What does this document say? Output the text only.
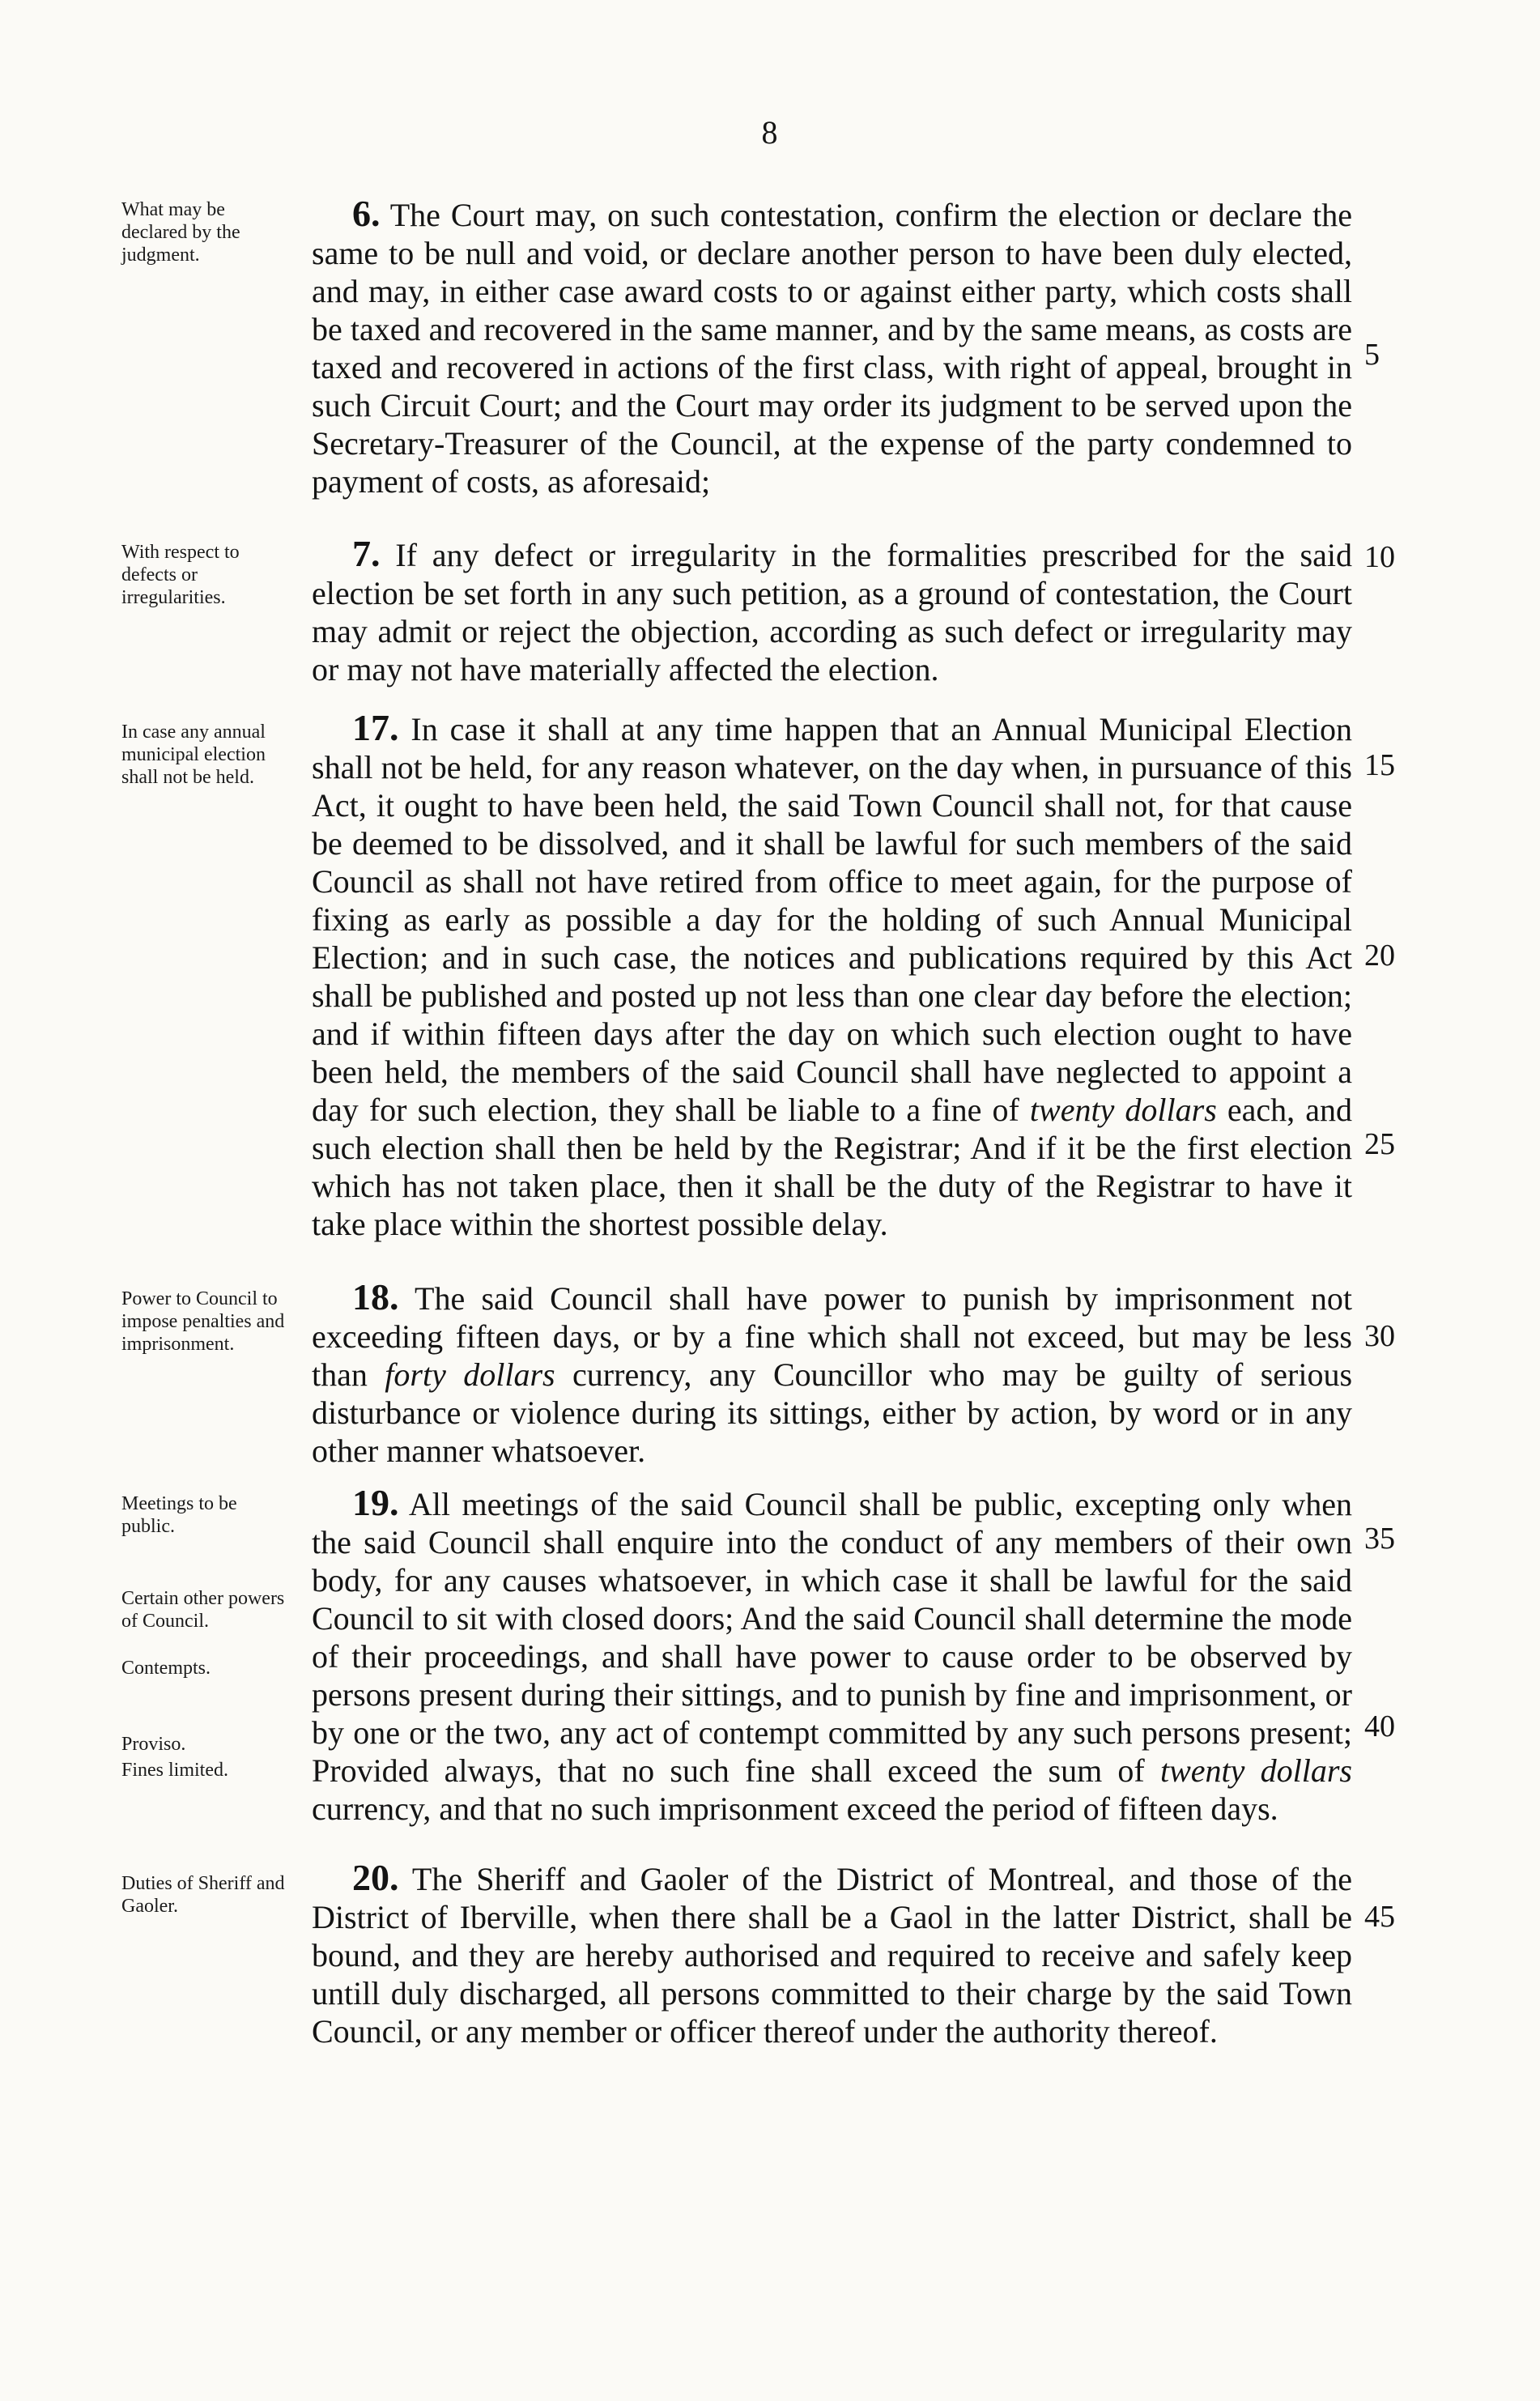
8
What may be declared by the judgment.
With respect to defects or irregularities.
In case any annual municipal election shall not be held.
Power to Council to impose penalties and imprisonment.
Meetings to be public.
Certain other powers of Council.
Contempts.
Proviso.
Fines limited.
Duties of Sheriff and Gaoler.

6. The Court may, on such contestation, confirm the election or declare the same to be null and void, or declare another person to have been duly elected, and may, in either case award costs to or against either party, which costs shall be taxed and recovered in the same manner, and by the same means, as costs are taxed and recovered in actions of the first class, with right of appeal, brought in such Circuit Court; and the Court may order its judgment to be served upon the Secretary-Treasurer of the Council, at the expense of the party condemned to payment of costs, as aforesaid;

7. If any defect or irregularity in the formalities prescribed for the said election be set forth in any such petition, as a ground of contestation, the Court may admit or reject the objection, according as such defect or irregularity may or may not have materially affected the election.

17. In case it shall at any time happen that an Annual Municipal Election shall not be held, for any reason whatever, on the day when, in pursuance of this Act, it ought to have been held, the said Town Council shall not, for that cause be deemed to be dissolved, and it shall be lawful for such members of the said Council as shall not have retired from office to meet again, for the purpose of fixing as early as possible a day for the holding of such Annual Municipal Election; and in such case, the notices and publications required by this Act shall be published and posted up not less than one clear day before the election; and if within fifteen days after the day on which such election ought to have been held, the members of the said Council shall have neglected to appoint a day for such election, they shall be liable to a fine of twenty dollars each, and such election shall then be held by the Registrar; And if it be the first election which has not taken place, then it shall be the duty of the Registrar to have it take place within the shortest possible delay.

18. The said Council shall have power to punish by imprisonment not exceeding fifteen days, or by a fine which shall not exceed, but may be less than forty dollars currency, any Councillor who may be guilty of serious disturbance or violence during its sittings, either by action, by word or in any other manner whatsoever.

19. All meetings of the said Council shall be public, excepting only when the said Council shall enquire into the conduct of any members of their own body, for any causes whatsoever, in which case it shall be lawful for the said Council to sit with closed doors; And the said Council shall determine the mode of their proceedings, and shall have power to cause order to be observed by persons present during their sittings, and to punish by fine and imprisonment, or by one or the two, any act of contempt committed by any such persons present; Provided always, that no such fine shall exceed the sum of twenty dollars currency, and that no such imprisonment exceed the period of fifteen days.

20. The Sheriff and Gaoler of the District of Montreal, and those of the District of Iberville, when there shall be a Gaol in the latter District, shall be bound, and they are hereby authorised and required to receive and safely keep untill duly discharged, all persons committed to their charge by the said Town Council, or any member or officer thereof under the authority thereof.

5
10
15
20
25
30
35
40
45
